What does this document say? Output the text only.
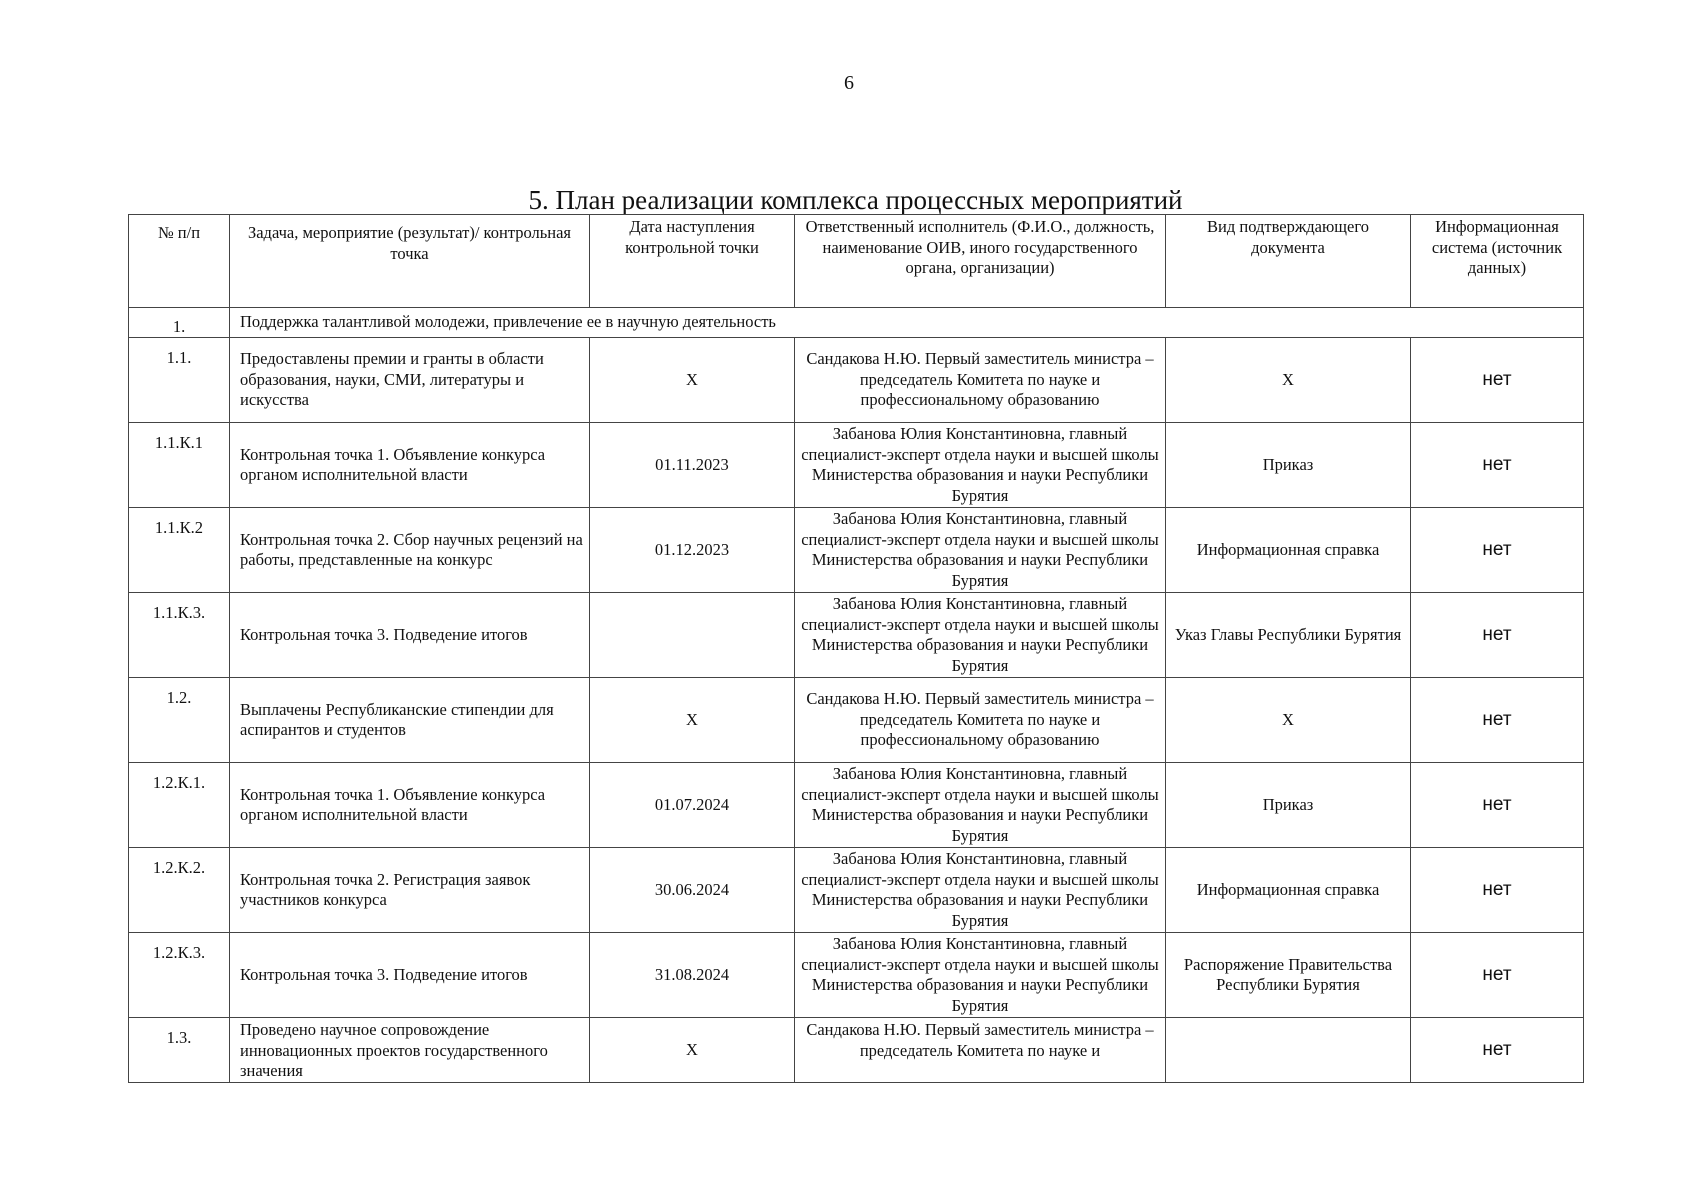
6
5. План реализации комплекса процессных мероприятий
№ п/п	Задача, мероприятие (результат)/ контрольная точка	Дата наступления контрольной точки	Ответственный исполнитель (Ф.И.О., должность, наименование ОИВ, иного государственного органа, организации)	Вид подтверждающего документа	Информационная система (источник данных)
1.	Поддержка талантливой молодежи, привлечение ее в научную деятельность				
1.1.	Предоставлены премии и гранты в области образования, науки, СМИ, литературы и искусства	Х	Сандакова Н.Ю. Первый заместитель министра – председатель Комитета по науке и профессиональному образованию	Х	нет
1.1.К.1	Контрольная точка 1. Объявление конкурса органом исполнительной власти	01.11.2023	Забанова Юлия Константиновна, главный специалист-эксперт отдела науки и высшей школы Министерства образования и науки Республики Бурятия	Приказ	нет
1.1.К.2	Контрольная точка 2. Сбор научных рецензий на работы, представленные на конкурс	01.12.2023	Забанова Юлия Константиновна, главный специалист-эксперт отдела науки и высшей школы Министерства образования и науки Республики Бурятия	Информационная справка	нет
1.1.К.3.	Контрольная точка 3. Подведение итогов		Забанова Юлия Константиновна, главный специалист-эксперт отдела науки и высшей школы Министерства образования и науки Республики Бурятия	Указ Главы Республики Бурятия	нет
1.2.	Выплачены Республиканские стипендии для аспирантов и студентов	Х	Сандакова Н.Ю. Первый заместитель министра – председатель Комитета по науке и профессиональному образованию	Х	нет
1.2.К.1.	Контрольная точка 1. Объявление конкурса органом исполнительной власти	01.07.2024	Забанова Юлия Константиновна, главный специалист-эксперт отдела науки и высшей школы Министерства образования и науки Республики Бурятия	Приказ	нет
1.2.К.2.	Контрольная точка 2. Регистрация заявок участников конкурса	30.06.2024	Забанова Юлия Константиновна, главный специалист-эксперт отдела науки и высшей школы Министерства образования и науки Республики Бурятия	Информационная справка	нет
1.2.К.3.	Контрольная точка 3. Подведение итогов	31.08.2024	Забанова Юлия Константиновна, главный специалист-эксперт отдела науки и высшей школы Министерства образования и науки Республики Бурятия	Распоряжение Правительства Республики Бурятия	нет
1.3.	Проведено научное сопровождение инновационных проектов государственного значения	Х	Сандакова Н.Ю. Первый заместитель министра – председатель Комитета по науке и		нет
